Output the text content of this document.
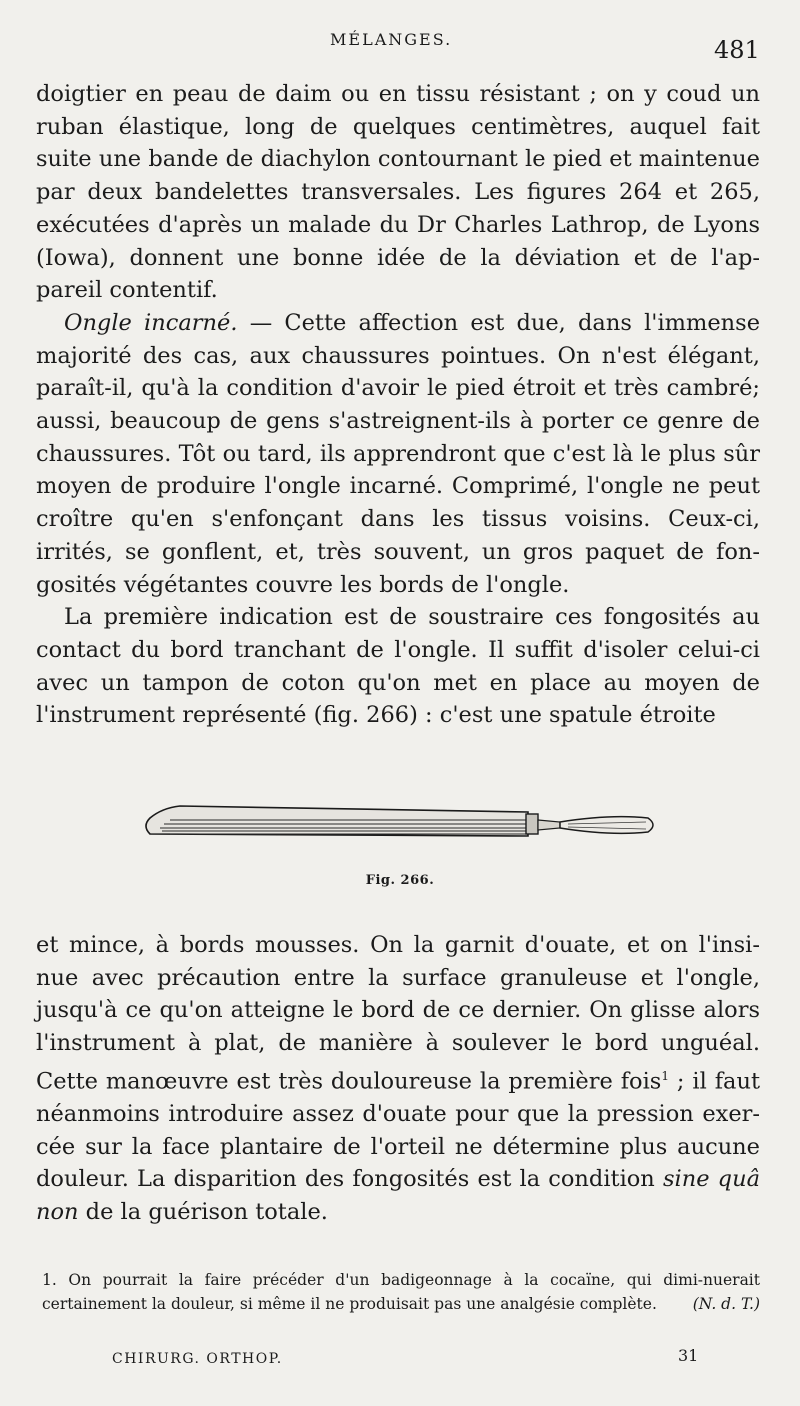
MÉLANGES.	481

doigtier en peau de daim ou en tissu résistant ; on y coud un ruban élastique, long de quelques centimètres, auquel fait suite une bande de diachylon contournant le pied et maintenue par deux bandelettes transversales. Les figures 264 et 265, exécutées d'après un malade du Dr Charles Lathrop, de Lyons (Iowa), donnent une bonne idée de la déviation et de l'ap-pareil contentif.

Ongle incarné. — Cette affection est due, dans l'immense majorité des cas, aux chaussures pointues. On n'est élégant, paraît-il, qu'à la condition d'avoir le pied étroit et très cambré; aussi, beaucoup de gens s'astreignent-ils à porter ce genre de chaussures. Tôt ou tard, ils apprendront que c'est là le plus sûr moyen de produire l'ongle incarné. Comprimé, l'ongle ne peut croître qu'en s'enfonçant dans les tissus voisins. Ceux-ci, irrités, se gonflent, et, très souvent, un gros paquet de fon-gosités végétantes couvre les bords de l'ongle.

La première indication est de soustraire ces fongosités au contact du bord tranchant de l'ongle. Il suffit d'isoler celui-ci avec un tampon de coton qu'on met en place au moyen de l'instrument représenté (fig. 266) : c'est une spatule étroite

Fig. 266.

et mince, à bords mousses. On la garnit d'ouate, et on l'insi-nue avec précaution entre la surface granuleuse et l'ongle, jusqu'à ce qu'on atteigne le bord de ce dernier. On glisse alors l'instrument à plat, de manière à soulever le bord unguéal. Cette manœuvre est très douloureuse la première fois$^1$ ; il faut néanmoins introduire assez d'ouate pour que la pression exer-cée sur la face plantaire de l'orteil ne détermine plus aucune douleur. La disparition des fongosités est la condition sine quâ non de la guérison totale.

1. On pourrait la faire précéder d'un badigeonnage à la cocaïne, qui dimi-nuerait certainement la douleur, si même il ne produisait pas une analgésie complète. (N. d. T.)

CHIRURG. ORTHOP.	31
